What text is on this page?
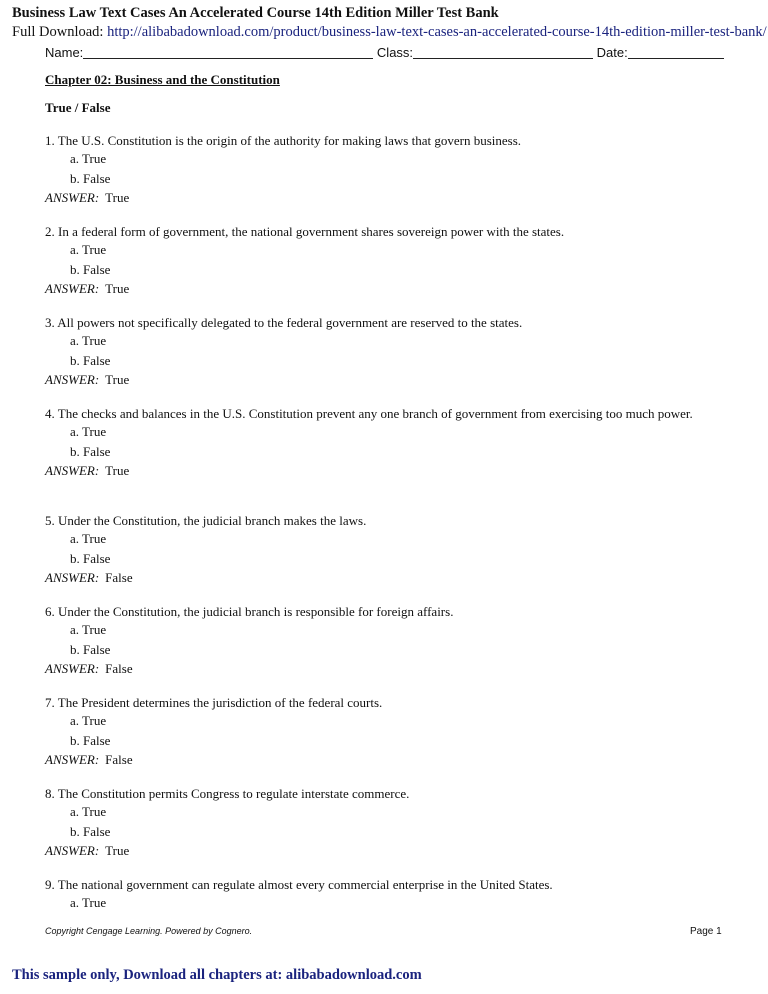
Business Law Text Cases An Accelerated Course 14th Edition Miller Test Bank
Full Download: http://alibabadownload.com/product/business-law-text-cases-an-accelerated-course-14th-edition-miller-test-bank/
Name:	Class:	Date:
Chapter 02: Business and the Constitution
True / False
1. The U.S. Constitution is the origin of the authority for making laws that govern business.
a. True
b. False
ANSWER: True
2. In a federal form of government, the national government shares sovereign power with the states.
a. True
b. False
ANSWER: True
3. All powers not specifically delegated to the federal government are reserved to the states.
a. True
b. False
ANSWER: True
4. The checks and balances in the U.S. Constitution prevent any one branch of government from exercising too much power.
a. True
b. False
ANSWER: True
5. Under the Constitution, the judicial branch makes the laws.
a. True
b. False
ANSWER: False
6. Under the Constitution, the judicial branch is responsible for foreign affairs.
a. True
b. False
ANSWER: False
7. The President determines the jurisdiction of the federal courts.
a. True
b. False
ANSWER: False
8. The Constitution permits Congress to regulate interstate commerce.
a. True
b. False
ANSWER: True
9. The national government can regulate almost every commercial enterprise in the United States.
a. True
Copyright Cengage Learning. Powered by Cognero.	Page 1
This sample only, Download all chapters at: alibabadownload.com
